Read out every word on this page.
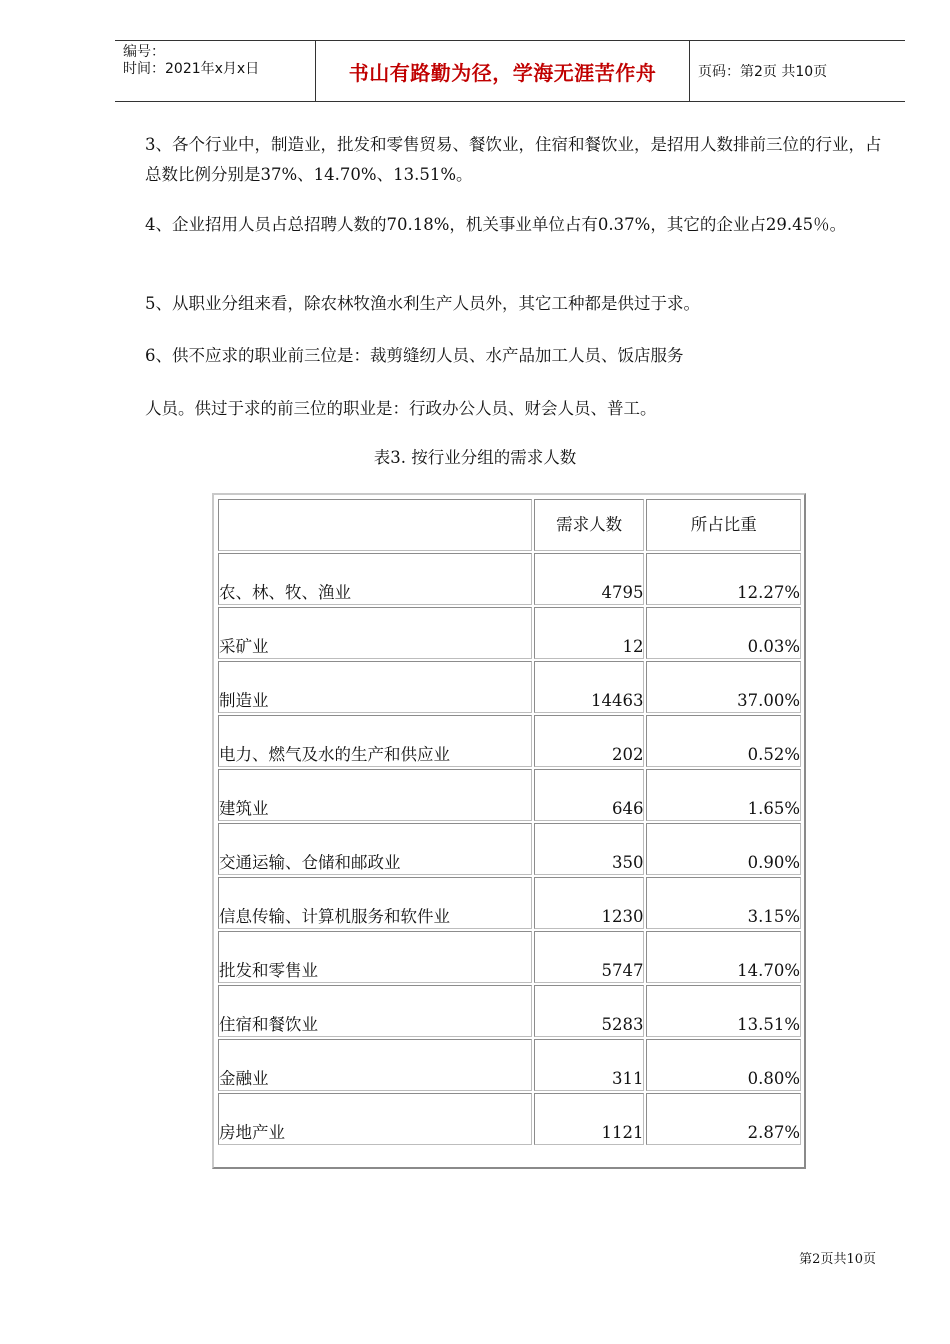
编号：
时间：2021年x月x日	书山有路勤为径，学海无涯苦作舟	页码：第2页 共10页

3、各个行业中，制造业，批发和零售贸易、餐饮业，住宿和餐饮业，是招用人数排前三位的行业，占总数比例分别是37%、14.70%、13.51%。

4、企业招用人员占总招聘人数的70.18%，机关事业单位占有0.37%，其它的企业占29.45％。

5、从职业分组来看，除农林牧渔水利生产人员外，其它工种都是供过于求。

6、供不应求的职业前三位是：裁剪缝纫人员、水产品加工人员、饭店服务

人员。供过于求的前三位的职业是：行政办公人员、财会人员、普工。

表3. 按行业分组的需求人数
	需求人数	所占比重
农、林、牧、渔业	4795	12.27%
采矿业	12	0.03%
制造业	14463	37.00%
电力、燃气及水的生产和供应业	202	0.52%
建筑业	646	1.65%
交通运输、仓储和邮政业	350	0.90%
信息传输、计算机服务和软件业	1230	3.15%
批发和零售业	5747	14.70%
住宿和餐饮业	5283	13.51%
金融业	311	0.80%
房地产业	1121	2.87%
第2页共10页
